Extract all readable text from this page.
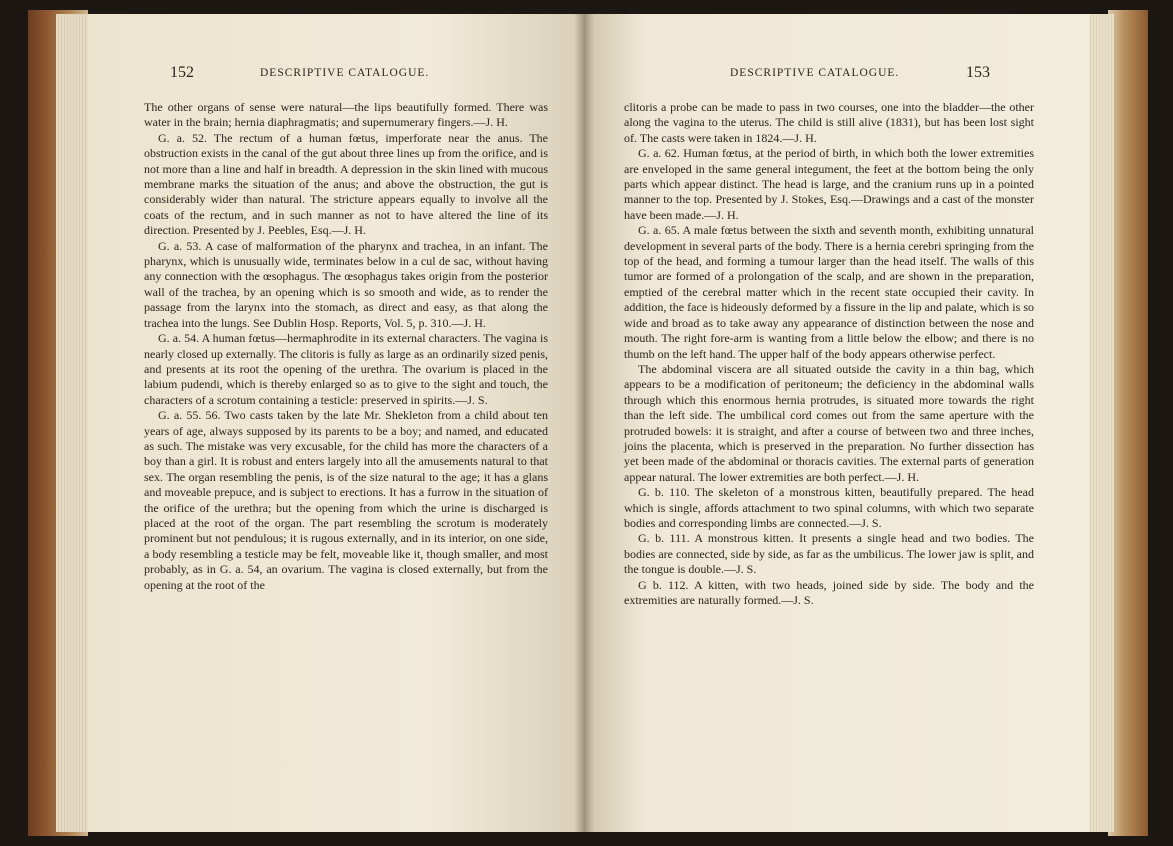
152	DESCRIPTIVE CATALOGUE.

The other organs of sense were natural—the lips beautifully formed. There was water in the brain; hernia diaphragmatis; and supernumerary fingers.—J. H.

G. a. 52. The rectum of a human fœtus, imperforate near the anus. The obstruction exists in the canal of the gut about three lines up from the orifice, and is not more than a line and half in breadth. A depression in the skin lined with mucous membrane marks the situation of the anus; and above the obstruction, the gut is considerably wider than natural. The stricture appears equally to involve all the coats of the rectum, and in such manner as not to have altered the line of its direction. Presented by J. Peebles, Esq.—J. H.

G. a. 53. A case of malformation of the pharynx and trachea, in an infant. The pharynx, which is unusually wide, terminates below in a cul de sac, without having any connection with the œsophagus. The œsophagus takes origin from the posterior wall of the trachea, by an opening which is so smooth and wide, as to render the passage from the larynx into the stomach, as direct and easy, as that along the trachea into the lungs. See Dublin Hosp. Reports, Vol. 5, p. 310.—J. H.

G. a. 54. A human fœtus—hermaphrodite in its external characters. The vagina is nearly closed up externally. The clitoris is fully as large as an ordinarily sized penis, and presents at its root the opening of the urethra. The ovarium is placed in the labium pudendi, which is thereby enlarged so as to give to the sight and touch, the characters of a scrotum containing a testicle: preserved in spirits.—J. S.

G. a. 55. 56. Two casts taken by the late Mr. Shekleton from a child about ten years of age, always supposed by its parents to be a boy; and named, and educated as such. The mistake was very excusable, for the child has more the characters of a boy than a girl. It is robust and enters largely into all the amusements natural to that sex. The organ resembling the penis, is of the size natural to the age; it has a glans and moveable prepuce, and is subject to erections. It has a furrow in the situation of the orifice of the urethra; but the opening from which the urine is discharged is placed at the root of the organ. The part resembling the scrotum is moderately prominent but not pendulous; it is rugous externally, and in its interior, on one side, a body resembling a testicle may be felt, moveable like it, though smaller, and most probably, as in G. a. 54, an ovarium. The vagina is closed externally, but from the opening at the root of the

DESCRIPTIVE CATALOGUE.	153

clitoris a probe can be made to pass in two courses, one into the bladder—the other along the vagina to the uterus. The child is still alive (1831), but has been lost sight of. The casts were taken in 1824.—J. H.

G. a. 62. Human fœtus, at the period of birth, in which both the lower extremities are enveloped in the same general integument, the feet at the bottom being the only parts which appear distinct. The head is large, and the cranium runs up in a pointed manner to the top. Presented by J. Stokes, Esq.—Drawings and a cast of the monster have been made.—J. H.

G. a. 65. A male fœtus between the sixth and seventh month, exhibiting unnatural development in several parts of the body. There is a hernia cerebri springing from the top of the head, and forming a tumour larger than the head itself. The walls of this tumor are formed of a prolongation of the scalp, and are shown in the preparation, emptied of the cerebral matter which in the recent state occupied their cavity. In addition, the face is hideously deformed by a fissure in the lip and palate, which is so wide and broad as to take away any appearance of distinction between the nose and mouth. The right fore-arm is wanting from a little below the elbow; and there is no thumb on the left hand. The upper half of the body appears otherwise perfect.

The abdominal viscera are all situated outside the cavity in a thin bag, which appears to be a modification of peritoneum; the deficiency in the abdominal walls through which this enormous hernia protrudes, is situated more towards the right than the left side. The umbilical cord comes out from the same aperture with the protruded bowels: it is straight, and after a course of between two and three inches, joins the placenta, which is preserved in the preparation. No further dissection has yet been made of the abdominal or thoracis cavities. The external parts of generation appear natural. The lower extremities are both perfect.—J. H.

G. b. 110. The skeleton of a monstrous kitten, beautifully prepared. The head which is single, affords attachment to two spinal columns, with which two separate bodies and corresponding limbs are connected.—J. S.

G. b. 111. A monstrous kitten. It presents a single head and two bodies. The bodies are connected, side by side, as far as the umbilicus. The lower jaw is split, and the tongue is double.—J. S.

G b. 112. A kitten, with two heads, joined side by side. The body and the extremities are naturally formed.—J. S.
